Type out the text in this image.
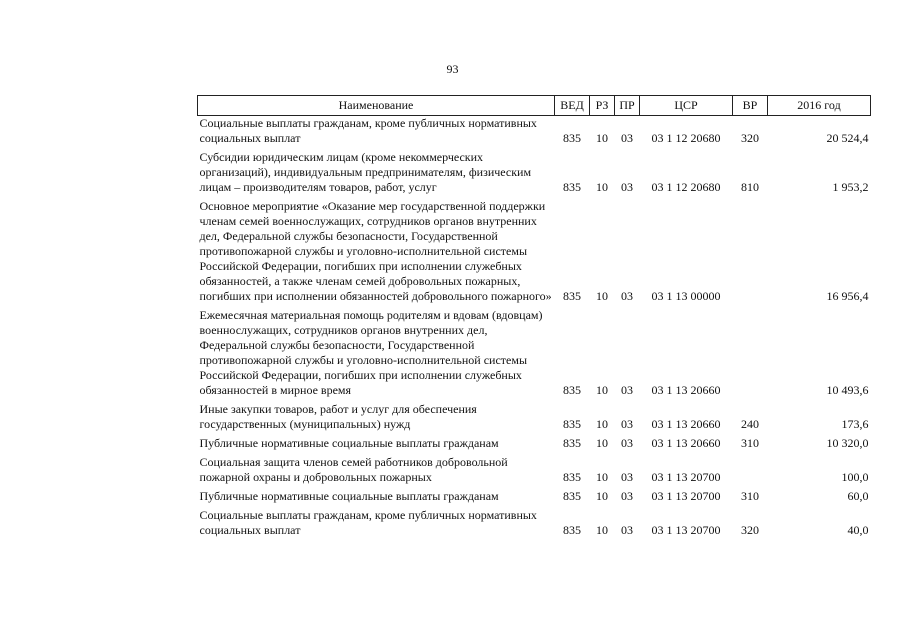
93
Наименование	ВЕД	РЗ	ПР	ЦСР	ВР	2016 год
Социальные выплаты гражданам, кроме публичных нормативных социальных выплат	835	10	03	03 1 12 20680	320	20 524,4
Субсидии юридическим лицам (кроме некоммерческих организаций), индивидуальным предпринимателям, физическим лицам – производителям товаров, работ, услуг	835	10	03	03 1 12 20680	810	1 953,2
Основное мероприятие «Оказание мер государственной поддержки членам семей военнослужащих, сотрудников органов внутренних дел, Федеральной службы безопасности, Государственной противопожарной службы и уголовно-исполнительной системы Российской Федерации, погибших при исполнении служебных обязанностей, а также членам семей добровольных пожарных, погибших при исполнении обязанностей добровольного пожарного»	835	10	03	03 1 13 00000		16 956,4
Ежемесячная материальная помощь родителям и вдовам (вдовцам) военнослужащих, сотрудников органов внутренних дел, Федеральной службы безопасности, Государственной противопожарной службы и уголовно-исполнительной системы Российской Федерации, погибших при исполнении служебных обязанностей в мирное время	835	10	03	03 1 13 20660		10 493,6
Иные закупки товаров, работ и услуг для обеспечения государственных (муниципальных) нужд	835	10	03	03 1 13 20660	240	173,6
Публичные нормативные социальные выплаты гражданам	835	10	03	03 1 13 20660	310	10 320,0
Социальная защита членов семей работников добровольной пожарной охраны и добровольных пожарных	835	10	03	03 1 13 20700		100,0
Публичные нормативные социальные выплаты гражданам	835	10	03	03 1 13 20700	310	60,0
Социальные выплаты гражданам, кроме публичных нормативных социальных выплат	835	10	03	03 1 13 20700	320	40,0
